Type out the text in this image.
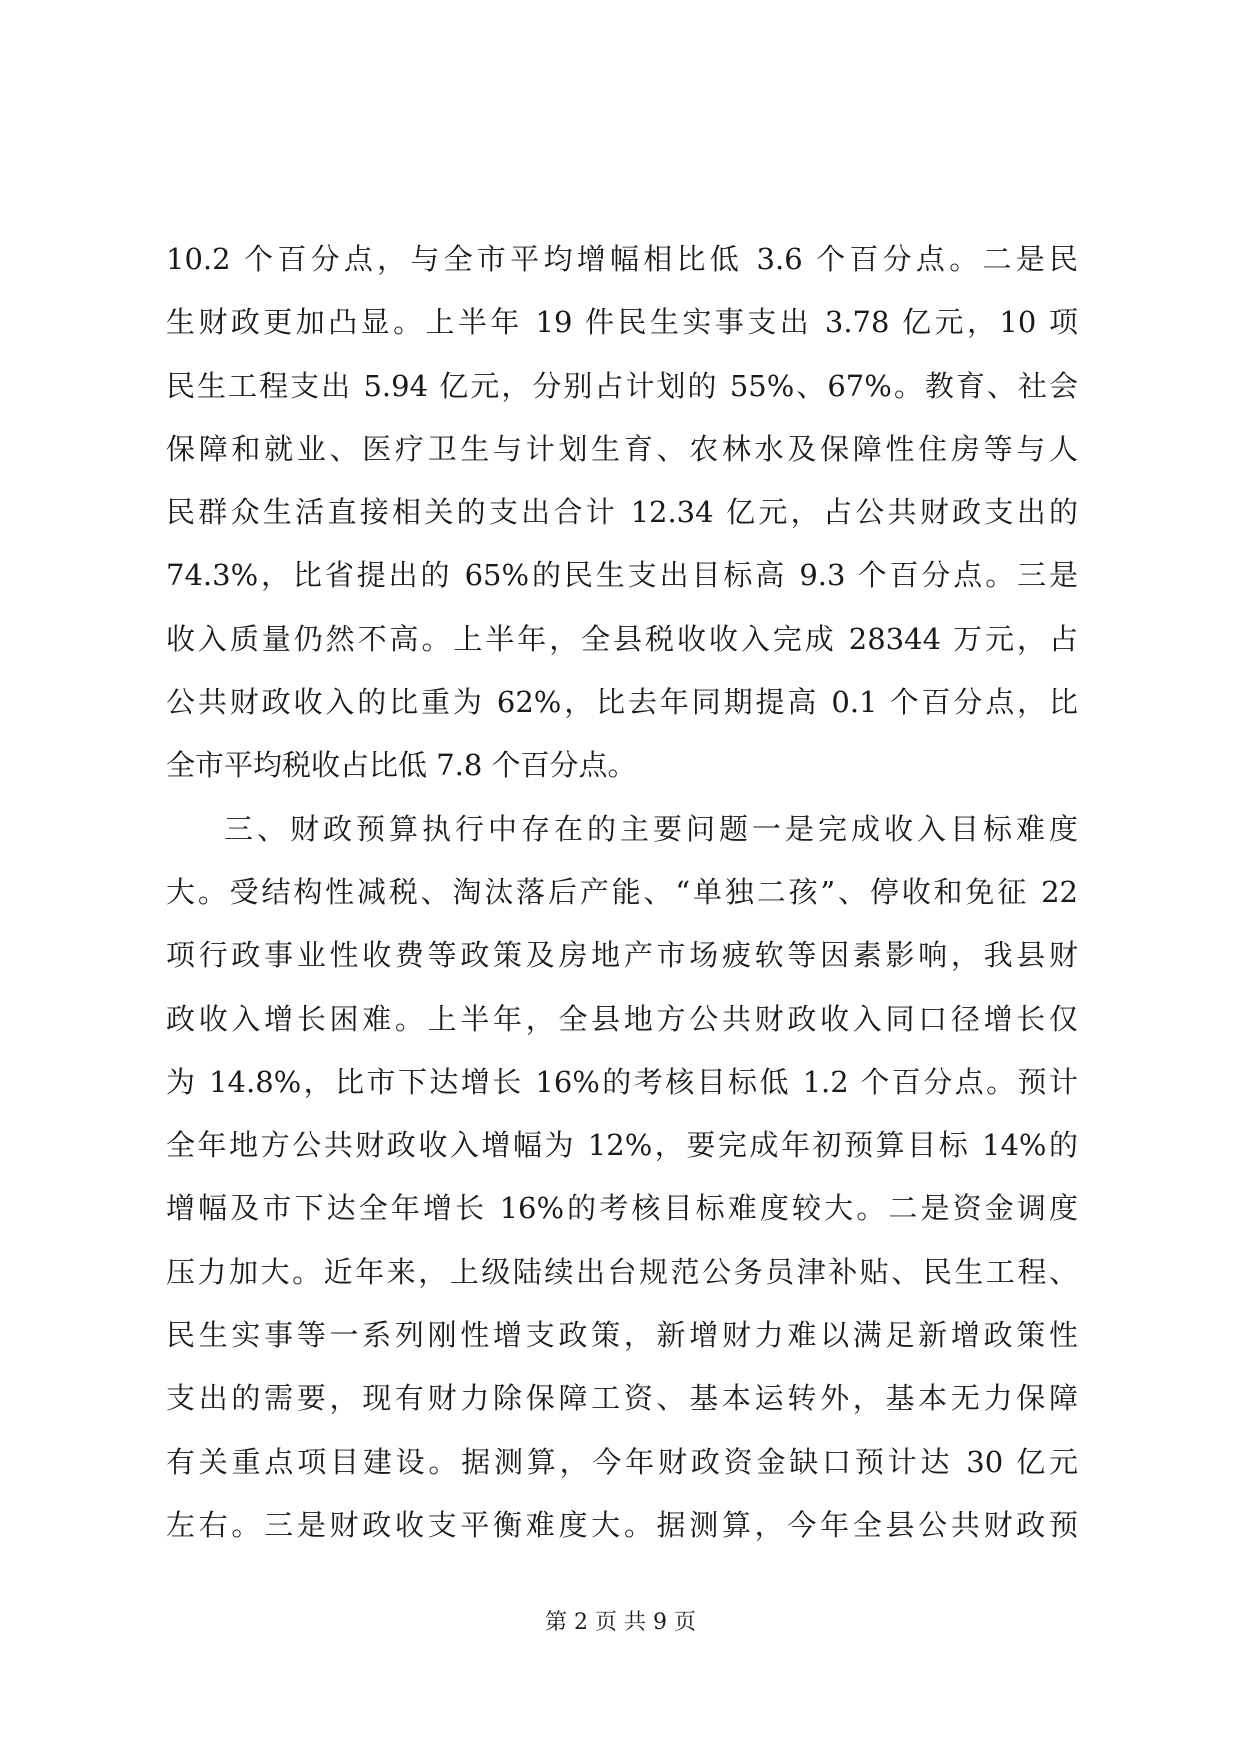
10.2 个百分点，与全市平均增幅相比低 3.6 个百分点。二是民
生财政更加凸显。上半年 19 件民生实事支出 3.78 亿元，10 项
民生工程支出 5.94 亿元，分别占计划的 55%、67%。教育、社会
保障和就业、医疗卫生与计划生育、农林水及保障性住房等与人
民群众生活直接相关的支出合计 12.34 亿元，占公共财政支出的
74.3%，比省提出的 65%的民生支出目标高 9.3 个百分点。三是
收入质量仍然不高。上半年，全县税收收入完成 28344 万元，占
公共财政收入的比重为 62%，比去年同期提高 0.1 个百分点，比
全市平均税收占比低 7.8 个百分点。
三、财政预算执行中存在的主要问题一是完成收入目标难度
大。受结构性减税、淘汰落后产能、“单独二孩”、停收和免征 22
项行政事业性收费等政策及房地产市场疲软等因素影响，我县财
政收入增长困难。上半年，全县地方公共财政收入同口径增长仅
为 14.8%，比市下达增长 16%的考核目标低 1.2 个百分点。预计
全年地方公共财政收入增幅为 12%，要完成年初预算目标 14%的
增幅及市下达全年增长 16%的考核目标难度较大。二是资金调度
压力加大。近年来，上级陆续出台规范公务员津补贴、民生工程、
民生实事等一系列刚性增支政策，新增财力难以满足新增政策性
支出的需要，现有财力除保障工资、基本运转外，基本无力保障
有关重点项目建设。据测算，今年财政资金缺口预计达 30 亿元
左右。三是财政收支平衡难度大。据测算，今年全县公共财政预
第 2 页 共 9 页
